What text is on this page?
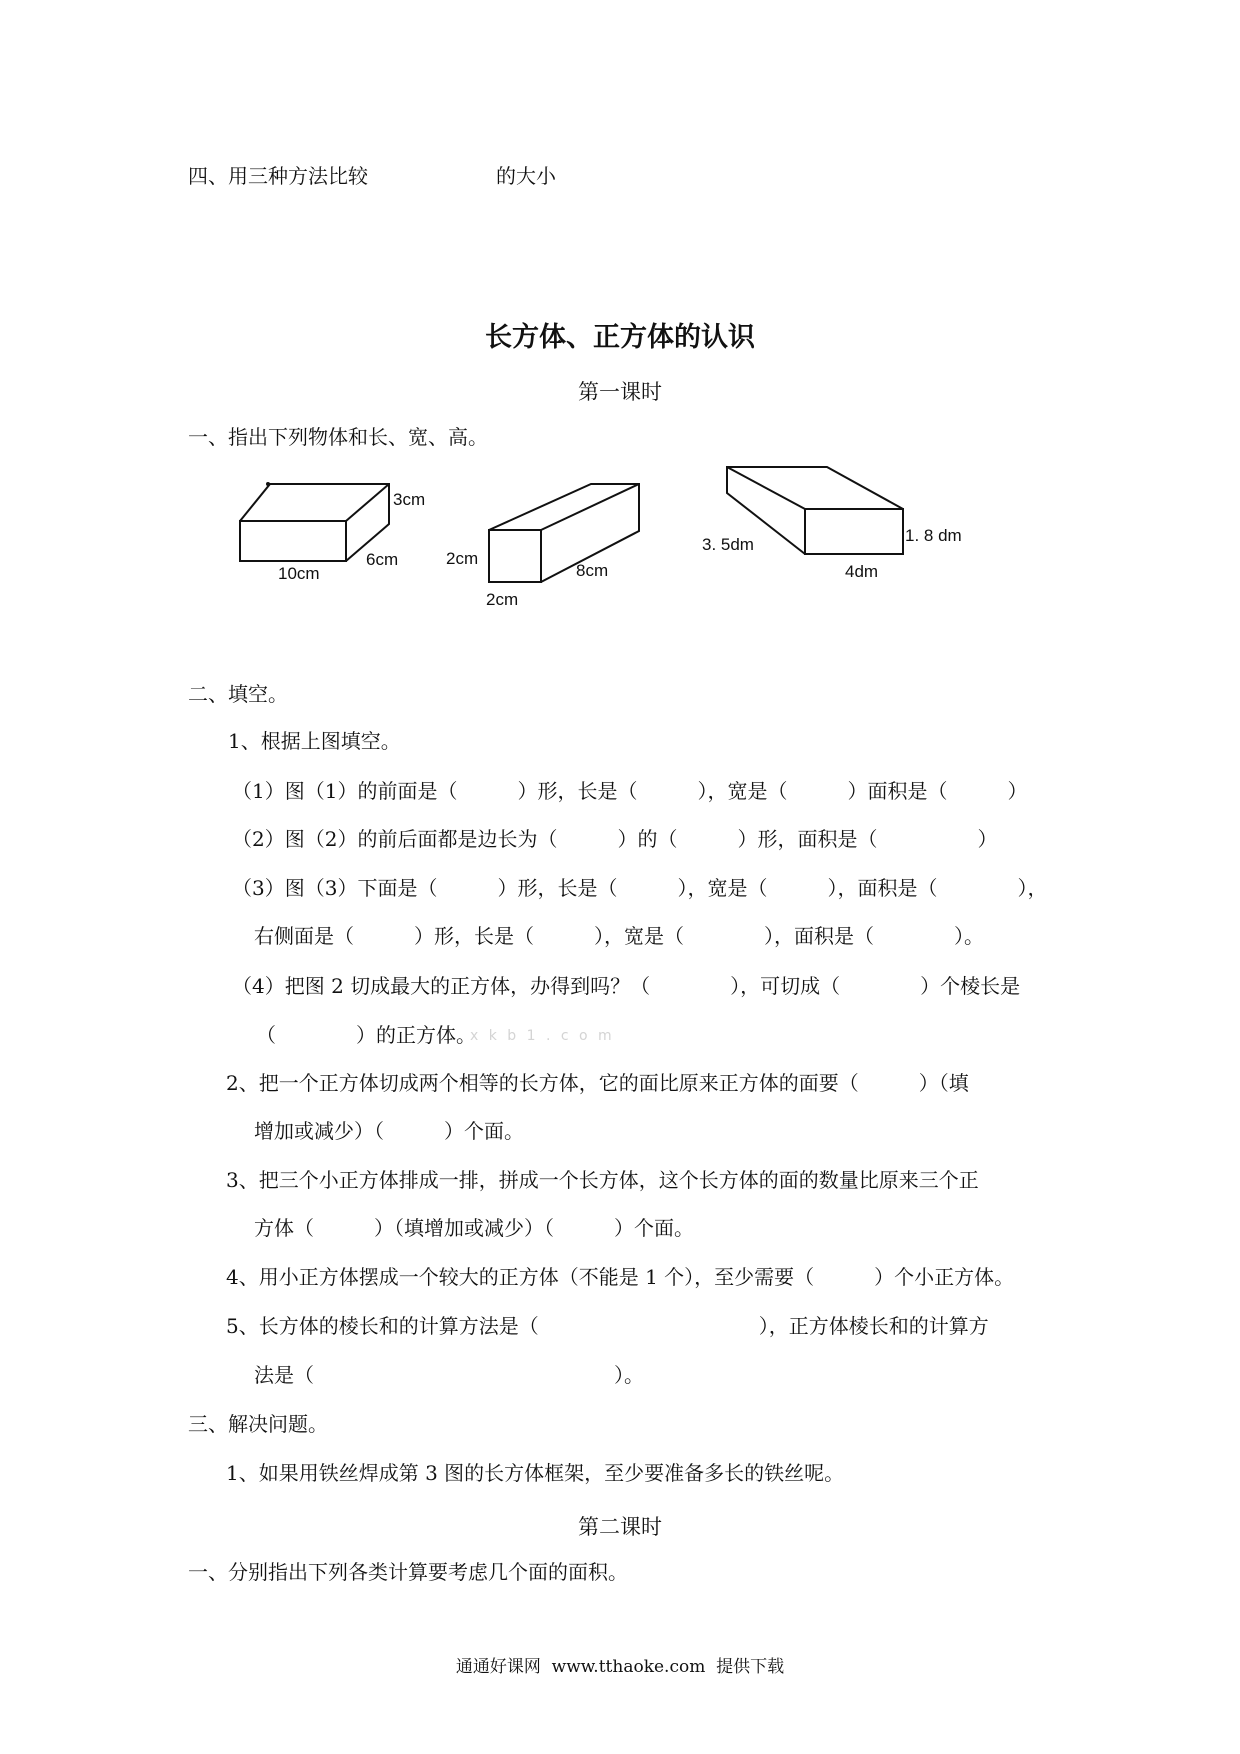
四、用三种方法比较	的大小
长方体、正方体的认识
第一课时
一、指出下列物体和长、宽、高。
3cm
10cm
6cm	2cm
2cm
8cm
3. 5dm
4dm
1. 8 dm
二、填空。
1、根据上图填空。
（1）图（1）的前面是（　　　）形，长是（　　　），宽是（　　　）面积是（　　　）
（2）图（2）的前后面都是边长为（　　　）的（　　　）形，面积是（　　　　　）
（3）图（3）下面是（　　　）形，长是（　　　），宽是（　　　），面积是（　　　　），
右侧面是（　　　）形，长是（　　　），宽是（　　　　），面积是（　　　　）。
（4）把图 2 切成最大的正方体，办得到吗？（　　　　），可切成（　　　　）个棱长是
（　　　　）的正方体。
x k b 1 . c o m
2、把一个正方体切成两个相等的长方体，它的面比原来正方体的面要（　　　）（填
增加或减少）（　　　）个面。
3、把三个小正方体排成一排，拼成一个长方体，这个长方体的面的数量比原来三个正
方体（　　　）（填增加或减少）（　　　）个面。
4、用小正方体摆成一个较大的正方体（不能是 1 个），至少需要（　　　）个小正方体。
5、长方体的棱长和的计算方法是（　　　　　　　　　　　），正方体棱长和的计算方
法是（　　　　　　　　　　　　　　　）。
三、解决问题。
1、如果用铁丝焊成第 3 图的长方体框架，至少要准备多长的铁丝呢。
第二课时
一、分别指出下列各类计算要考虑几个面的面积。
通通好课网  www.tthaoke.com  提供下载
